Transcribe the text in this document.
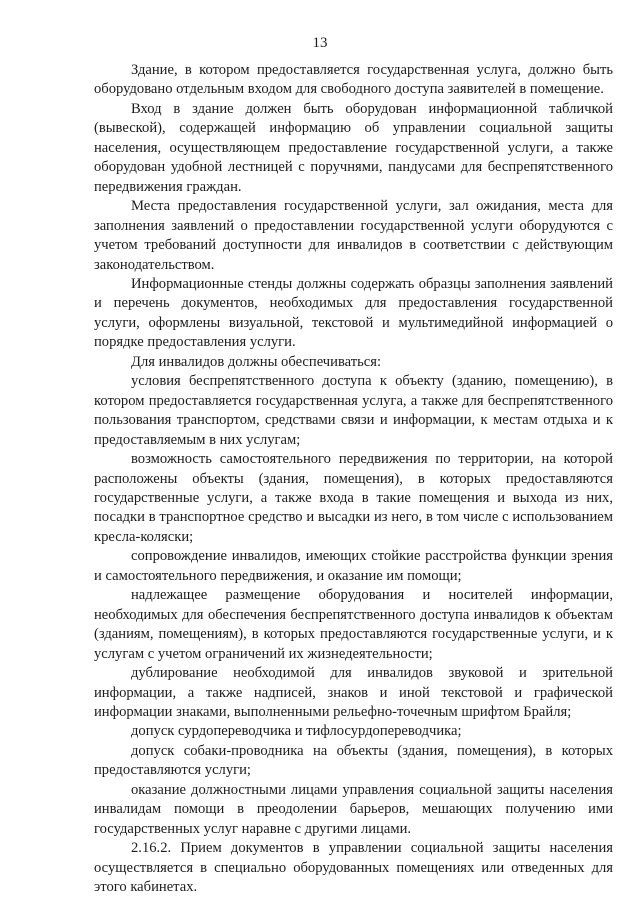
13

Здание, в котором предоставляется государственная услуга, должно быть оборудовано отдельным входом для свободного доступа заявителей в помещение.

Вход в здание должен быть оборудован информационной табличкой (вывеской), содержащей информацию об управлении социальной защиты населения, осуществляющем предоставление государственной услуги, а также оборудован удобной лестницей с поручнями, пандусами для беспрепятственного передвижения граждан.

Места предоставления государственной услуги, зал ожидания, места для заполнения заявлений о предоставлении государственной услуги оборудуются с учетом требований доступности для инвалидов в соответствии с действующим законодательством.

Информационные стенды должны содержать образцы заполнения заявлений и перечень документов, необходимых для предоставления государственной услуги, оформлены визуальной, текстовой и мультимедийной информацией о порядке предоставления услуги.

Для инвалидов должны обеспечиваться:

условия беспрепятственного доступа к объекту (зданию, помещению), в котором предоставляется государственная услуга, а также для беспрепятственного пользования транспортом, средствами связи и информации, к местам отдыха и к предоставляемым в них услугам;

возможность самостоятельного передвижения по территории, на которой расположены объекты (здания, помещения), в которых предоставляются государственные услуги, а также входа в такие помещения и выхода из них, посадки в транспортное средство и высадки из него, в том числе с использованием кресла-коляски;

сопровождение инвалидов, имеющих стойкие расстройства функции зрения и самостоятельного передвижения, и оказание им помощи;

надлежащее размещение оборудования и носителей информации, необходимых для обеспечения беспрепятственного доступа инвалидов к объектам (зданиям, помещениям), в которых предоставляются государственные услуги, и к услугам с учетом ограничений их жизнедеятельности;

дублирование необходимой для инвалидов звуковой и зрительной информации, а также надписей, знаков и иной текстовой и графической информации знаками, выполненными рельефно-точечным шрифтом Брайля;

допуск сурдопереводчика и тифлосурдопереводчика;

допуск собаки-проводника на объекты (здания, помещения), в которых предоставляются услуги;

оказание должностными лицами управления социальной защиты населения инвалидам помощи в преодолении барьеров, мешающих получению ими государственных услуг наравне с другими лицами.

2.16.2. Прием документов в управлении социальной защиты населения осуществляется в специально оборудованных помещениях или отведенных для этого кабинетах.
